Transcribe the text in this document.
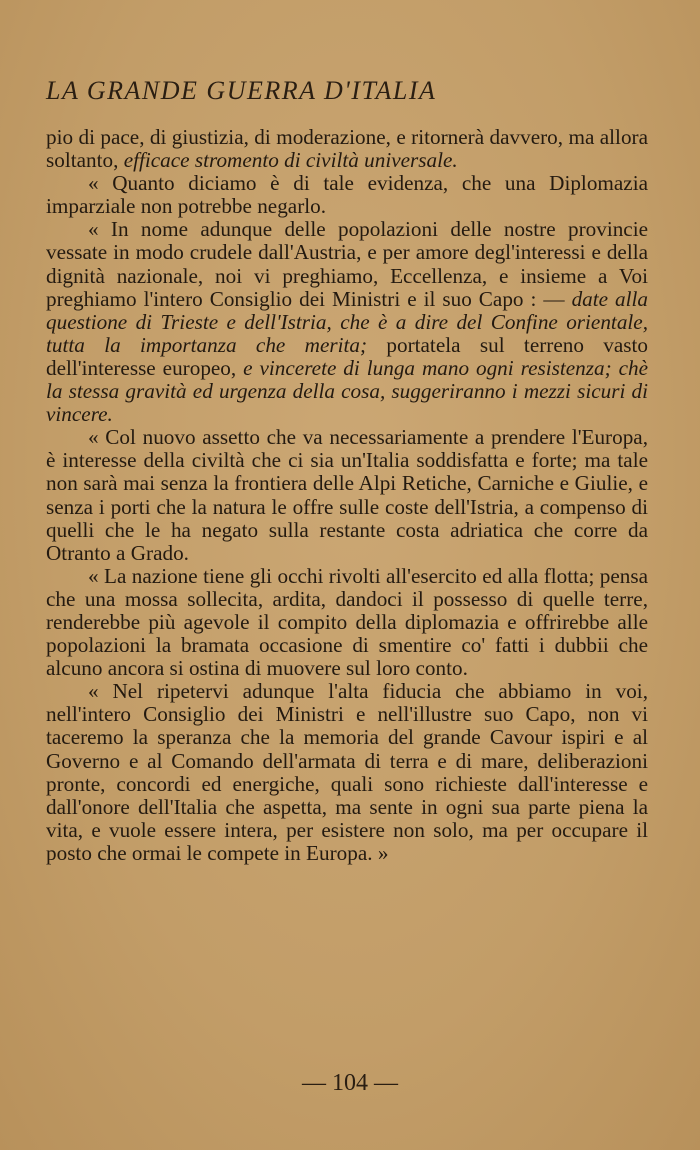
LA GRANDE GUERRA D'ITALIA

pio di pace, di giustizia, di moderazione, e ritornerà davvero, ma allora soltanto, efficace stromento di civiltà universale.

« Quanto diciamo è di tale evidenza, che una Diplomazia imparziale non potrebbe negarlo.

« In nome adunque delle popolazioni delle nostre provincie vessate in modo crudele dall'Austria, e per amore degl'interessi e della dignità nazionale, noi vi preghiamo, Eccellenza, e insieme a Voi preghiamo l'intero Consiglio dei Ministri e il suo Capo : — date alla questione di Trieste e dell'Istria, che è a dire del Confine orientale, tutta la importanza che merita; portatela sul terreno vasto dell'interesse europeo, e vincerete di lunga mano ogni resistenza; chè la stessa gravità ed urgenza della cosa, suggeriranno i mezzi sicuri di vincere.

« Col nuovo assetto che va necessariamente a prendere l'Europa, è interesse della civiltà che ci sia un'Italia soddisfatta e forte; ma tale non sarà mai senza la frontiera delle Alpi Retiche, Carniche e Giulie, e senza i porti che la natura le offre sulle coste dell'Istria, a compenso di quelli che le ha negato sulla restante costa adriatica che corre da Otranto a Grado.

« La nazione tiene gli occhi rivolti all'esercito ed alla flotta; pensa che una mossa sollecita, ardita, dandoci il possesso di quelle terre, renderebbe più agevole il compito della diplomazia e offrirebbe alle popolazioni la bramata occasione di smentire co' fatti i dubbii che alcuno ancora si ostina di muovere sul loro conto.

« Nel ripetervi adunque l'alta fiducia che abbiamo in voi, nell'intero Consiglio dei Ministri e nell'illustre suo Capo, non vi taceremo la speranza che la memoria del grande Cavour ispiri e al Governo e al Comando dell'armata di terra e di mare, deliberazioni pronte, concordi ed energiche, quali sono richieste dall'interesse e dall'onore dell'Italia che aspetta, ma sente in ogni sua parte piena la vita, e vuole essere intera, per esistere non solo, ma per occupare il posto che ormai le compete in Europa. »

— 104 —
